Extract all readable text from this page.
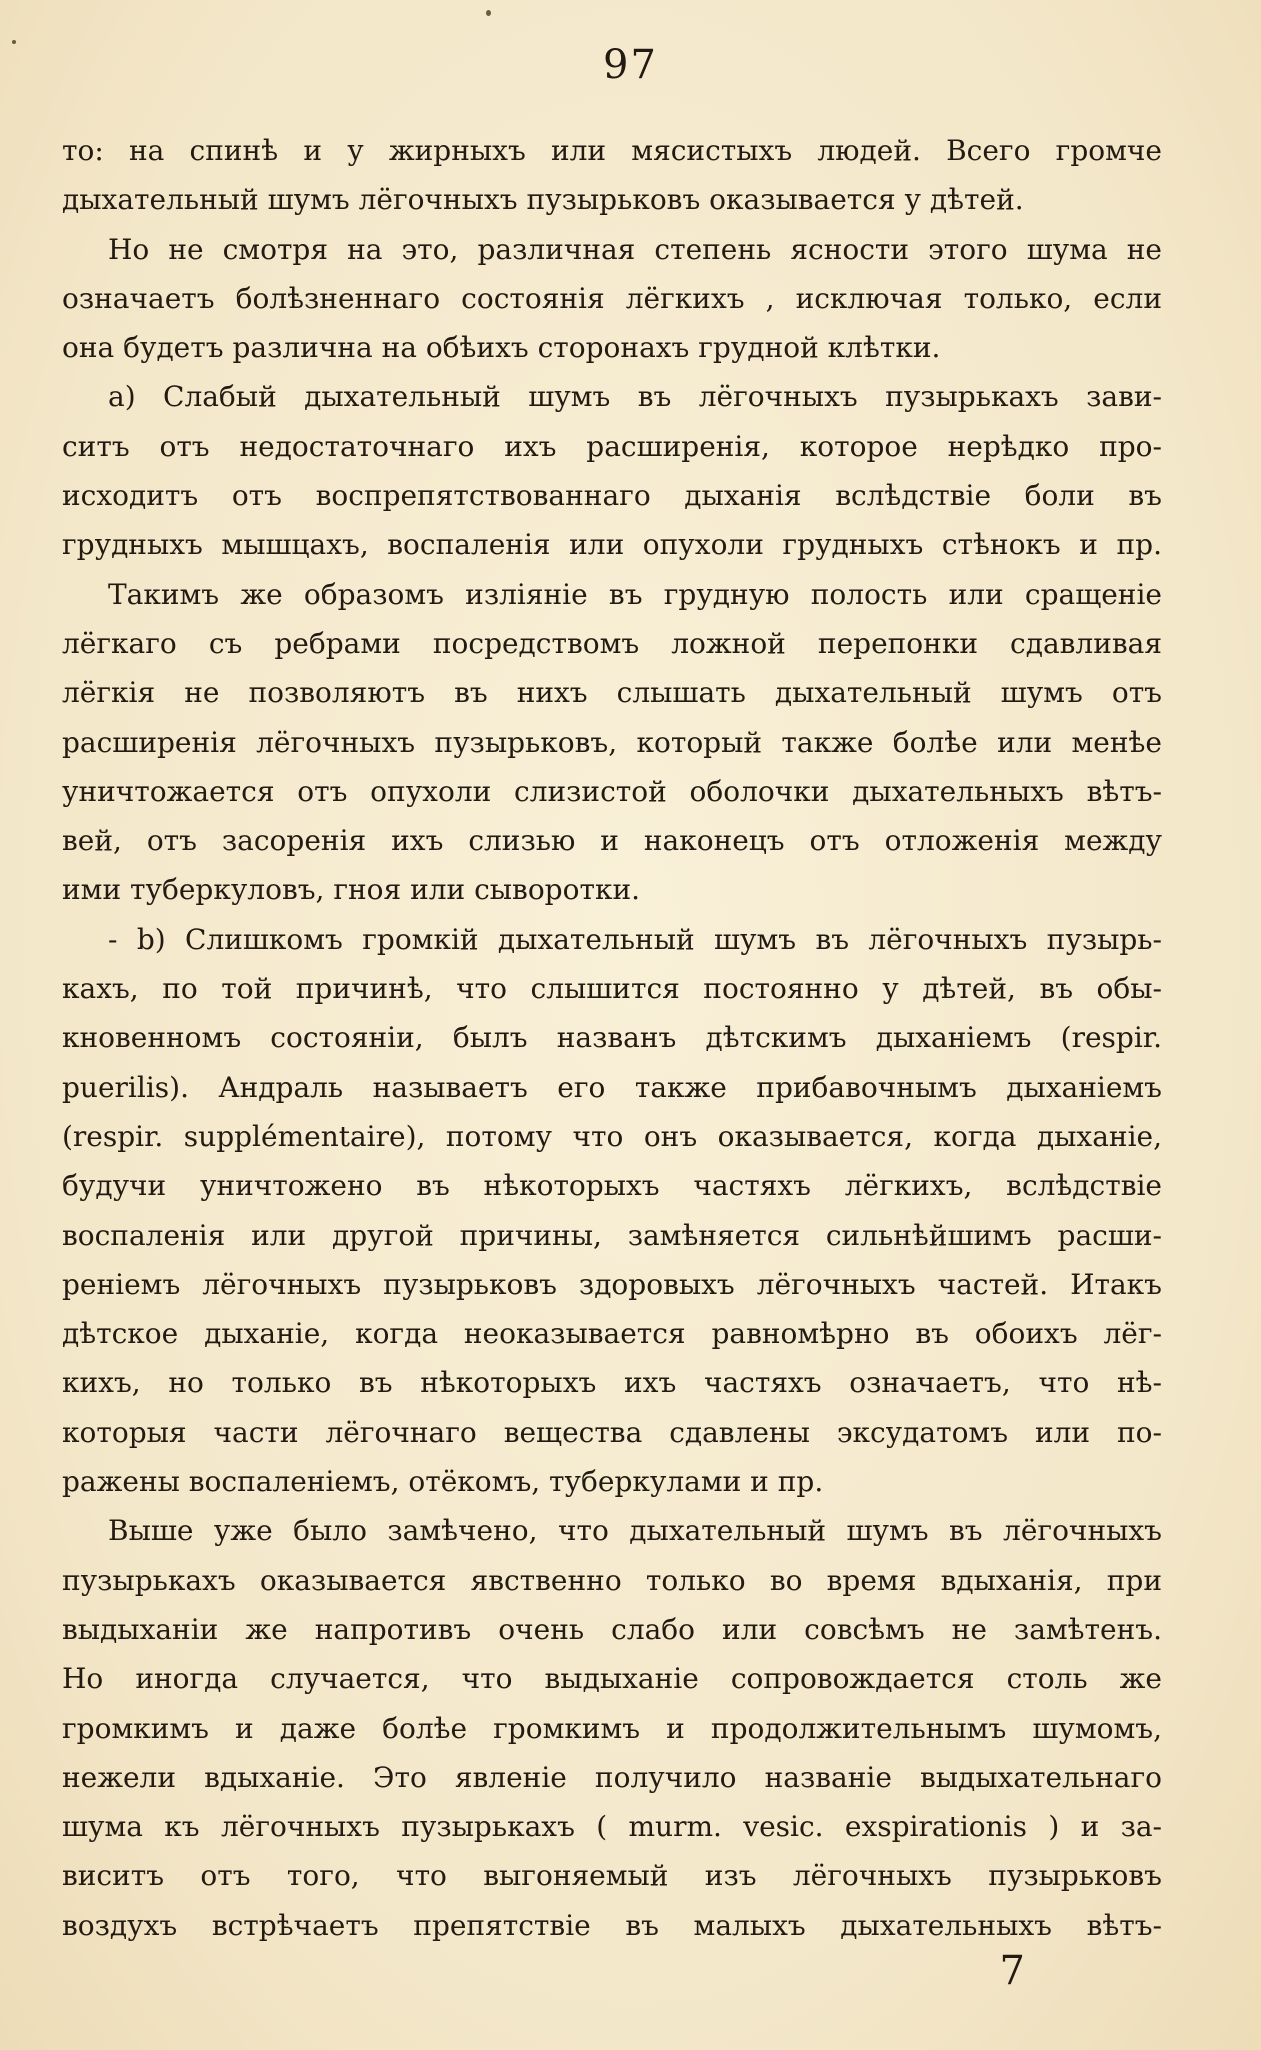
97
то: на спинѣ и у жирныхъ или мясистыхъ людей. Всего громче
дыхательный шумъ лёгочныхъ пузырьковъ оказывается у дѣтей.
Но не смотря на это, различная степень ясности этого шума не
означаетъ болѣзненнаго состоянія лёгкихъ , исключая только, если
она будетъ различна на обѣихъ сторонахъ грудной клѣтки.
а) Слабый дыхательный шумъ въ лёгочныхъ пузырькахъ зави-
ситъ отъ недостаточнаго ихъ расширенія, которое нерѣдко про-
исходитъ отъ воспрепятствованнаго дыханія вслѣдствіе боли въ
грудныхъ мышцахъ, воспаленія или опухоли грудныхъ стѣнокъ и пр.
Такимъ же образомъ изліяніе въ грудную полость или сращеніе
лёгкаго съ ребрами посредствомъ ложной перепонки сдавливая
лёгкія не позволяютъ въ нихъ слышать дыхательный шумъ отъ
расширенія лёгочныхъ пузырьковъ, который также болѣе или менѣе
уничтожается отъ опухоли слизистой оболочки дыхательныхъ вѣтъ-
вей, отъ засоренія ихъ слизью и наконецъ отъ отложенія между
ими туберкуловъ, гноя или сыворотки.
- b) Слишкомъ громкій дыхательный шумъ въ лёгочныхъ пузырь-
кахъ, по той причинѣ, что слышится постоянно у дѣтей, въ обы-
кновенномъ состояніи, былъ названъ дѣтскимъ дыханіемъ (respir.
puerilis). Андраль называетъ его также прибавочнымъ дыханіемъ
(respir. supplémentaire), потому что онъ оказывается, когда дыханіе,
будучи уничтожено въ нѣкоторыхъ частяхъ лёгкихъ, вслѣдствіе
воспаленія или другой причины, замѣняется сильнѣйшимъ расши-
реніемъ лёгочныхъ пузырьковъ здоровыхъ лёгочныхъ частей. Итакъ
дѣтское дыханіе, когда неоказывается равномѣрно въ обоихъ лёг-
кихъ, но только въ нѣкоторыхъ ихъ частяхъ означаетъ, что нѣ-
которыя части лёгочнаго вещества сдавлены эксудатомъ или по-
ражены воспаленіемъ, отёкомъ, туберкулами и пр.
Выше уже было замѣчено, что дыхательный шумъ въ лёгочныхъ
пузырькахъ оказывается явственно только во время вдыханія, при
выдыханіи же напротивъ очень слабо или совсѣмъ не замѣтенъ.
Но иногда случается, что выдыханіе сопровождается столь же
громкимъ и даже болѣе громкимъ и продолжительнымъ шумомъ,
нежели вдыханіе. Это явленіе получило названіе выдыхательнаго
шума къ лёгочныхъ пузырькахъ ( murm. vesic. exspirationis ) и за-
виситъ отъ того, что выгоняемый изъ лёгочныхъ пузырьковъ
воздухъ встрѣчаетъ препятствіе въ малыхъ дыхательныхъ вѣтъ-
7
